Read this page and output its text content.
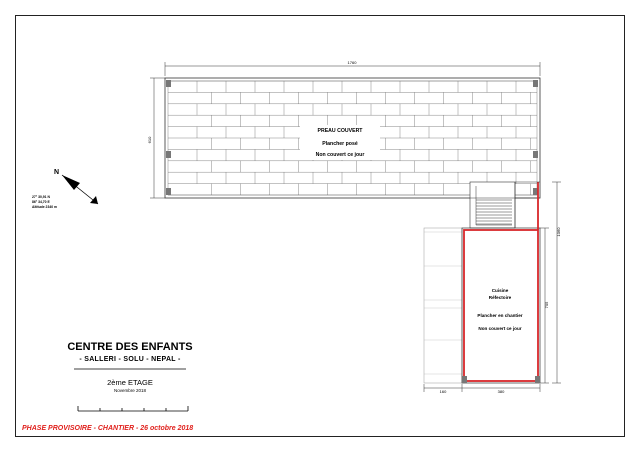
PREAU COUVERT
Plancher posé
Non couvert ce jour
1760
610
Cuisine
Réfectoire
Plancher en chantier
Non couvert ce jour
705
1060
160	380
N
27° 30,91 N
86° 34,70 E
Altitude 2340 m
CENTRE DES ENFANTS
- SALLERI - SOLU - NEPAL -
2ème ETAGE
Novembre 2018
PHASE PROVISOIRE - CHANTIER - 26 octobre 2018
